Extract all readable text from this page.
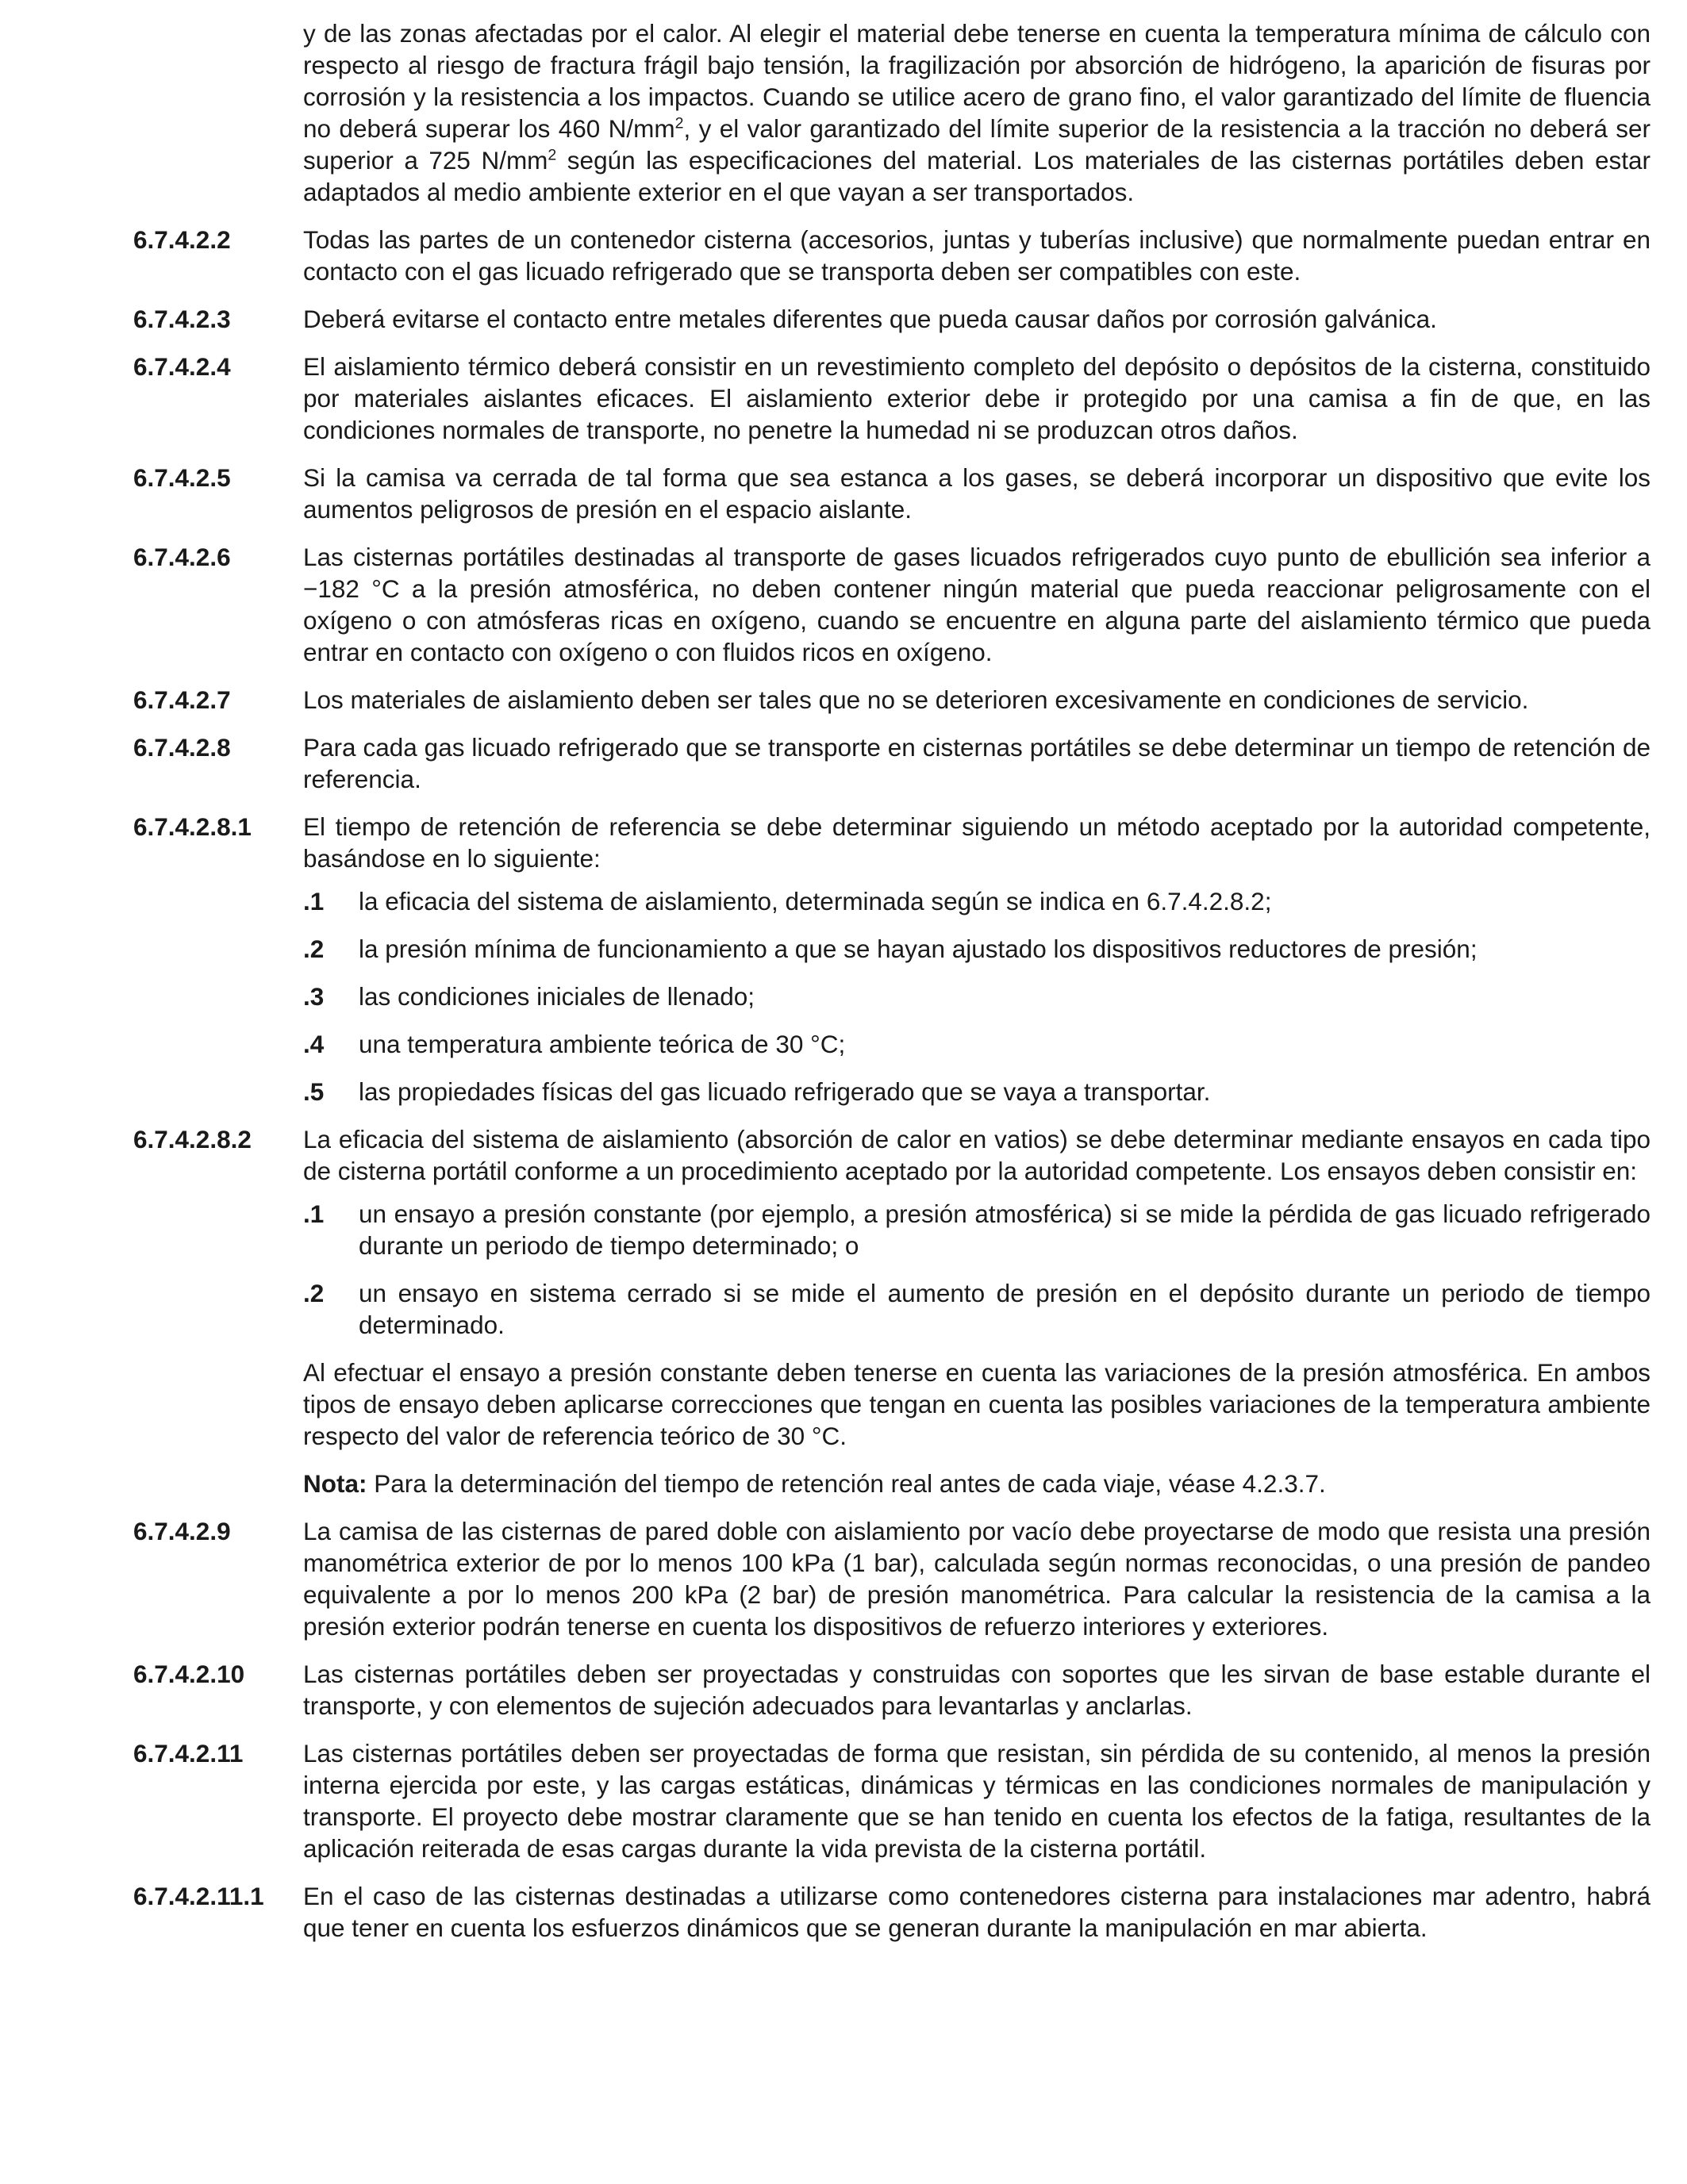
y de las zonas afectadas por el calor. Al elegir el material debe tenerse en cuenta la temperatura mínima de cálculo con respecto al riesgo de fractura frágil bajo tensión, la fragilización por absorción de hidrógeno, la aparición de fisuras por corrosión y la resistencia a los impactos. Cuando se utilice acero de grano fino, el valor garantizado del límite de fluencia no deberá superar los 460 $N/mm^2$, y el valor garantizado del límite superior de la resistencia a la tracción no deberá ser superior a 725 $N/mm^2$ según las especificaciones del material. Los materiales de las cisternas portátiles deben estar adaptados al medio ambiente exterior en el que vayan a ser transportados.

6.7.4.2.2	Todas las partes de un contenedor cisterna (accesorios, juntas y tuberías inclusive) que normalmente puedan entrar en contacto con el gas licuado refrigerado que se transporta deben ser compatibles con este.

6.7.4.2.3	Deberá evitarse el contacto entre metales diferentes que pueda causar daños por corrosión galvánica.

6.7.4.2.4	El aislamiento térmico deberá consistir en un revestimiento completo del depósito o depósitos de la cisterna, constituido por materiales aislantes eficaces. El aislamiento exterior debe ir protegido por una camisa a fin de que, en las condiciones normales de transporte, no penetre la humedad ni se produzcan otros daños.

6.7.4.2.5	Si la camisa va cerrada de tal forma que sea estanca a los gases, se deberá incorporar un dispositivo que evite los aumentos peligrosos de presión en el espacio aislante.

6.7.4.2.6	Las cisternas portátiles destinadas al transporte de gases licuados refrigerados cuyo punto de ebullición sea inferior a −182 °C a la presión atmosférica, no deben contener ningún material que pueda reaccionar peligrosamente con el oxígeno o con atmósferas ricas en oxígeno, cuando se encuentre en alguna parte del aislamiento térmico que pueda entrar en contacto con oxígeno o con fluidos ricos en oxígeno.

6.7.4.2.7	Los materiales de aislamiento deben ser tales que no se deterioren excesivamente en condiciones de servicio.

6.7.4.2.8	Para cada gas licuado refrigerado que se transporte en cisternas portátiles se debe determinar un tiempo de retención de referencia.

6.7.4.2.8.1 El tiempo de retención de referencia se debe determinar siguiendo un método aceptado por la autoridad competente, basándose en lo siguiente:

.1 la eficacia del sistema de aislamiento, determinada según se indica en 6.7.4.2.8.2;
.2 la presión mínima de funcionamiento a que se hayan ajustado los dispositivos reductores de presión;
.3 las condiciones iniciales de llenado;
.4 una temperatura ambiente teórica de 30 °C;
.5 las propiedades físicas del gas licuado refrigerado que se vaya a transportar.
6.7.4.2.8.2 La eficacia del sistema de aislamiento (absorción de calor en vatios) se debe determinar mediante ensayos en cada tipo de cisterna portátil conforme a un procedimiento aceptado por la autoridad competente. Los ensayos deben consistir en:

.1 un ensayo a presión constante (por ejemplo, a presión atmosférica) si se mide la pérdida de gas licuado refrigerado durante un periodo de tiempo determinado; o
.2 un ensayo en sistema cerrado si se mide el aumento de presión en el depósito durante un periodo de tiempo determinado.

Al efectuar el ensayo a presión constante deben tenerse en cuenta las variaciones de la presión atmosférica. En ambos tipos de ensayo deben aplicarse correcciones que tengan en cuenta las posibles variaciones de la temperatura ambiente respecto del valor de referencia teórico de 30 °C.

Nota: Para la determinación del tiempo de retención real antes de cada viaje, véase 4.2.3.7.

6.7.4.2.9	La camisa de las cisternas de pared doble con aislamiento por vacío debe proyectarse de modo que resista una presión manométrica exterior de por lo menos 100 kPa (1 bar), calculada según normas reconocidas, o una presión de pandeo equivalente a por lo menos 200 kPa (2 bar) de presión manométrica. Para calcular la resistencia de la camisa a la presión exterior podrán tenerse en cuenta los dispositivos de refuerzo interiores y exteriores.

6.7.4.2.10 Las cisternas portátiles deben ser proyectadas y construidas con soportes que les sirvan de base estable durante el transporte, y con elementos de sujeción adecuados para levantarlas y anclarlas.

6.7.4.2.11 Las cisternas portátiles deben ser proyectadas de forma que resistan, sin pérdida de su contenido, al menos la presión interna ejercida por este, y las cargas estáticas, dinámicas y térmicas en las condiciones normales de manipulación y transporte. El proyecto debe mostrar claramente que se han tenido en cuenta los efectos de la fatiga, resultantes de la aplicación reiterada de esas cargas durante la vida prevista de la cisterna portátil.

6.7.4.2.11.1 En el caso de las cisternas destinadas a utilizarse como contenedores cisterna para instalaciones mar adentro, habrá que tener en cuenta los esfuerzos dinámicos que se generan durante la manipulación en mar abierta.
